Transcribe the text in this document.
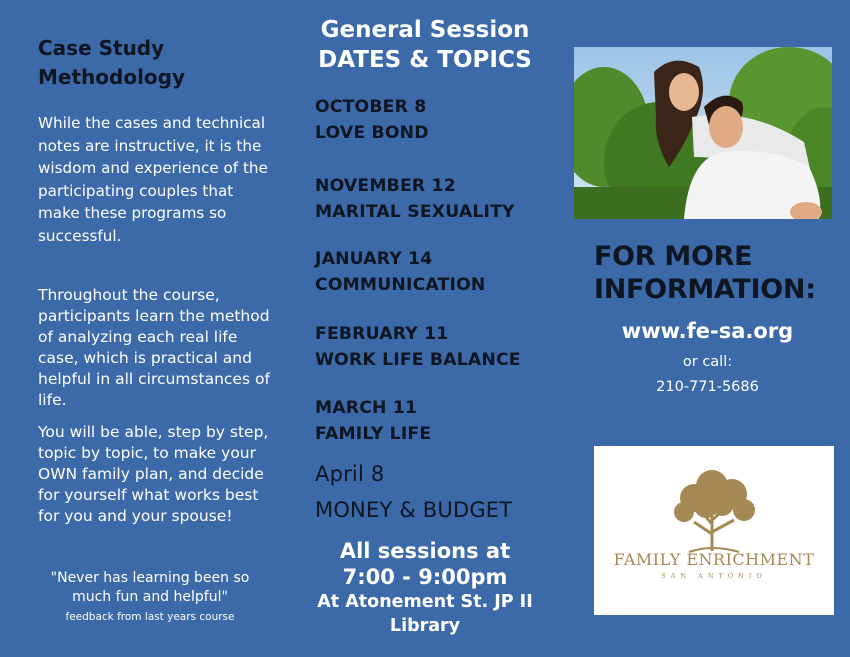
Case Study
Methodology
While the cases and technical notes are instructive, it is the wisdom and experience of the participating couples that make these programs so successful.
Throughout the course, participants learn the method of analyzing each real life case, which is practical and helpful in all circumstances of life.
You will be able, step by step, topic by topic, to make your OWN family plan, and decide for yourself what works best for you and your spouse!
"Never has learning been so much fun and helpful"
feedback from last years course
General Session
DATES & TOPICS
OCTOBER 8
LOVE BOND
NOVEMBER 12
MARITAL SEXUALITY
JANUARY 14
COMMUNICATION
FEBRUARY 11
WORK LIFE BALANCE
MARCH 11
FAMILY LIFE
April 8
MONEY & BUDGET
All sessions at
7:00 - 9:00pm
At Atonement St. JP II
Library
FOR MORE
INFORMATION:
www.fe-sa.org
or call:
210-771-5686
FAMILY ENRICHMENT
SAN ANTONIO
